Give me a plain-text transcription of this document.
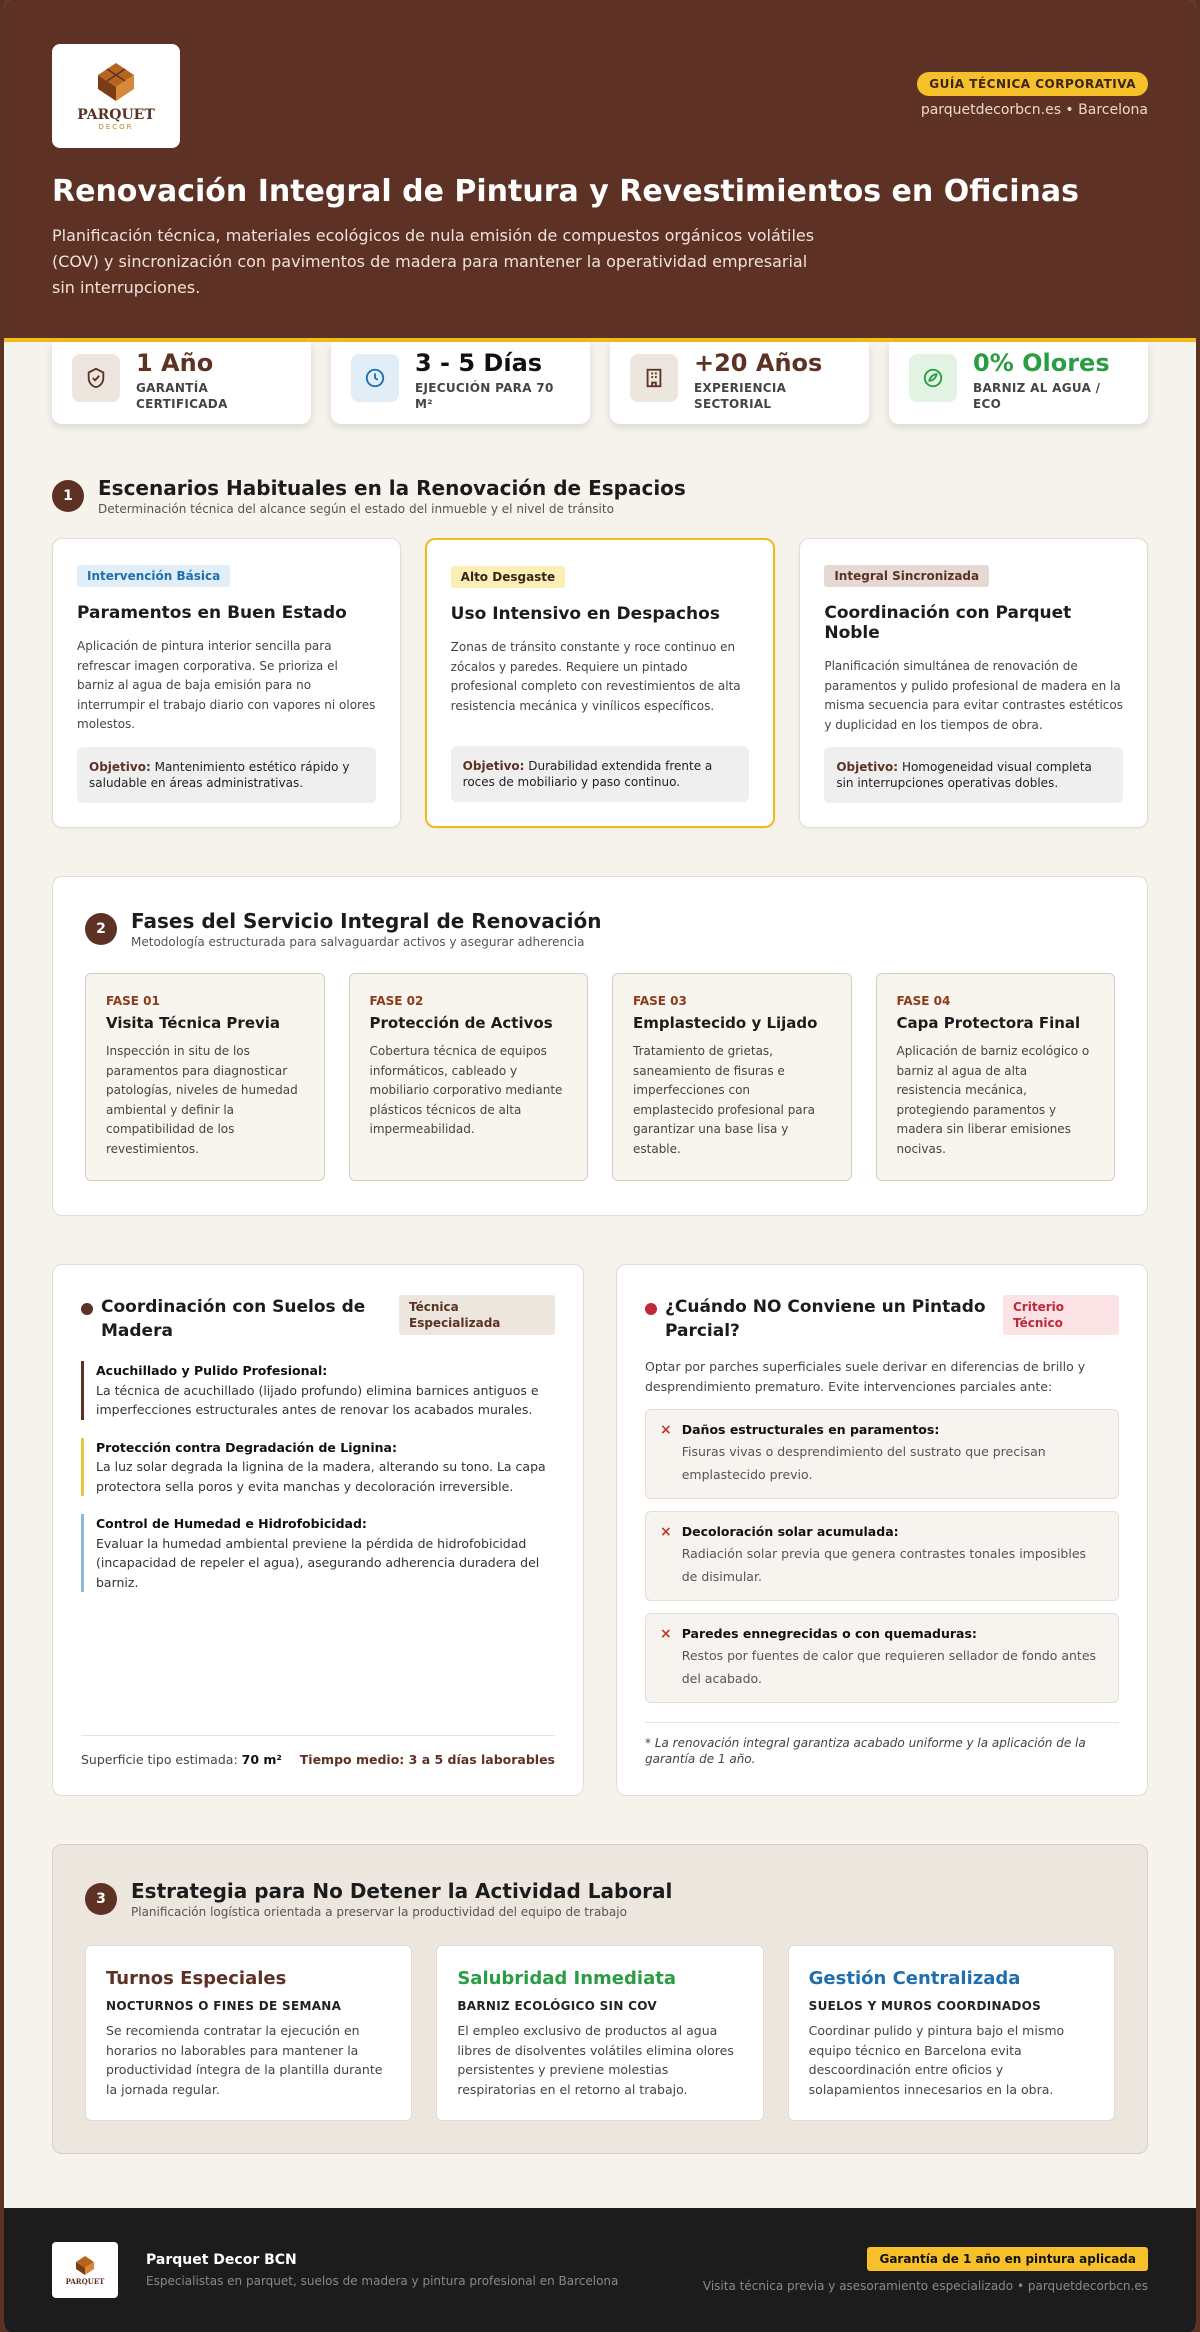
PARQUET
DECOR
GUÍA TÉCNICA CORPORATIVA
parquetdecorbcn.es • Barcelona
Renovación Integral de Pintura y Revestimientos en Oficinas

Planificación técnica, materiales ecológicos de nula emisión de compuestos orgánicos volátiles (COV) y sincronización con pavimentos de madera para mantener la operatividad empresarial sin interrupciones.

1 Año
GARANTÍA CERTIFICADA
3 - 5 Días
EJECUCIÓN PARA 70 M²
+20 Años
EXPERIENCIA SECTORIAL
0% Olores
BARNIZ AL AGUA / ECO
1	Escenarios Habituales en la Renovación de Espacios
Determinación técnica del alcance según el estado del inmueble y el nivel de tránsito
Intervención Básica
Paramentos en Buen Estado

Aplicación de pintura interior sencilla para refrescar imagen corporativa. Se prioriza el barniz al agua de baja emisión para no interrumpir el trabajo diario con vapores ni olores molestos.

Objetivo: Mantenimiento estético rápido y saludable en áreas administrativas.
Alto Desgaste
Uso Intensivo en Despachos

Zonas de tránsito constante y roce continuo en zócalos y paredes. Requiere un pintado profesional completo con revestimientos de alta resistencia mecánica y vinílicos específicos.

Objetivo: Durabilidad extendida frente a roces de mobiliario y paso continuo.
Integral Sincronizada
Coordinación con Parquet Noble

Planificación simultánea de renovación de paramentos y pulido profesional de madera en la misma secuencia para evitar contrastes estéticos y duplicidad en los tiempos de obra.

Objetivo: Homogeneidad visual completa sin interrupciones operativas dobles.
2	Fases del Servicio Integral de Renovación
Metodología estructurada para salvaguardar activos y asegurar adherencia
FASE 01
Visita Técnica Previa

Inspección in situ de los paramentos para diagnosticar patologías, niveles de humedad ambiental y definir la compatibilidad de los revestimientos.

FASE 02
Protección de Activos

Cobertura técnica de equipos informáticos, cableado y mobiliario corporativo mediante plásticos técnicos de alta impermeabilidad.

FASE 03
Emplastecido y Lijado

Tratamiento de grietas, saneamiento de fisuras e imperfecciones con emplastecido profesional para garantizar una base lisa y estable.

FASE 04
Capa Protectora Final

Aplicación de barniz ecológico o barniz al agua de alta resistencia mecánica, protegiendo paramentos y madera sin liberar emisiones nocivas.

Coordinación con Suelos de Madera
Técnica Especializada
Acuchillado y Pulido Profesional:
La técnica de acuchillado (lijado profundo) elimina barnices antiguos e imperfecciones estructurales antes de renovar los acabados murales.
Protección contra Degradación de Lignina:
La luz solar degrada la lignina de la madera, alterando su tono. La capa protectora sella poros y evita manchas y decoloración irreversible.
Control de Humedad e Hidrofobicidad:
Evaluar la humedad ambiental previene la pérdida de hidrofobicidad (incapacidad de repeler el agua), asegurando adherencia duradera del barniz.
Superficie tipo estimada: 70 m² Tiempo medio: 3 a 5 días laborables
¿Cuándo NO Conviene un Pintado Parcial?
Criterio Técnico
Optar por parches superficiales suele derivar en diferencias de brillo y desprendimiento prematuro. Evite intervenciones parciales ante:
× Daños estructurales en paramentos:
Fisuras vivas o desprendimiento del sustrato que precisan emplastecido previo.
× Decoloración solar acumulada:
Radiación solar previa que genera contrastes tonales imposibles de disimular.
× Paredes ennegrecidas o con quemaduras:
Restos por fuentes de calor que requieren sellador de fondo antes del acabado.
* La renovación integral garantiza acabado uniforme y la aplicación de la garantía de 1 año.
3	Estrategia para No Detener la Actividad Laboral
Planificación logística orientada a preservar la productividad del equipo de trabajo
Turnos Especiales
NOCTURNOS O FINES DE SEMANA

Se recomienda contratar la ejecución en horarios no laborables para mantener la productividad íntegra de la plantilla durante la jornada regular.

Salubridad Inmediata
BARNIZ ECOLÓGICO SIN COV

El empleo exclusivo de productos al agua libres de disolventes volátiles elimina olores persistentes y previene molestias respiratorias en el retorno al trabajo.

Gestión Centralizada
SUELOS Y MUROS COORDINADOS

Coordinar pulido y pintura bajo el mismo equipo técnico en Barcelona evita descoordinación entre oficios y solapamientos innecesarios en la obra.

PARQUET
Parquet Decor BCN
Especialistas en parquet, suelos de madera y pintura profesional en Barcelona
Garantía de 1 año en pintura aplicada
Visita técnica previa y asesoramiento especializado • parquetdecorbcn.es
